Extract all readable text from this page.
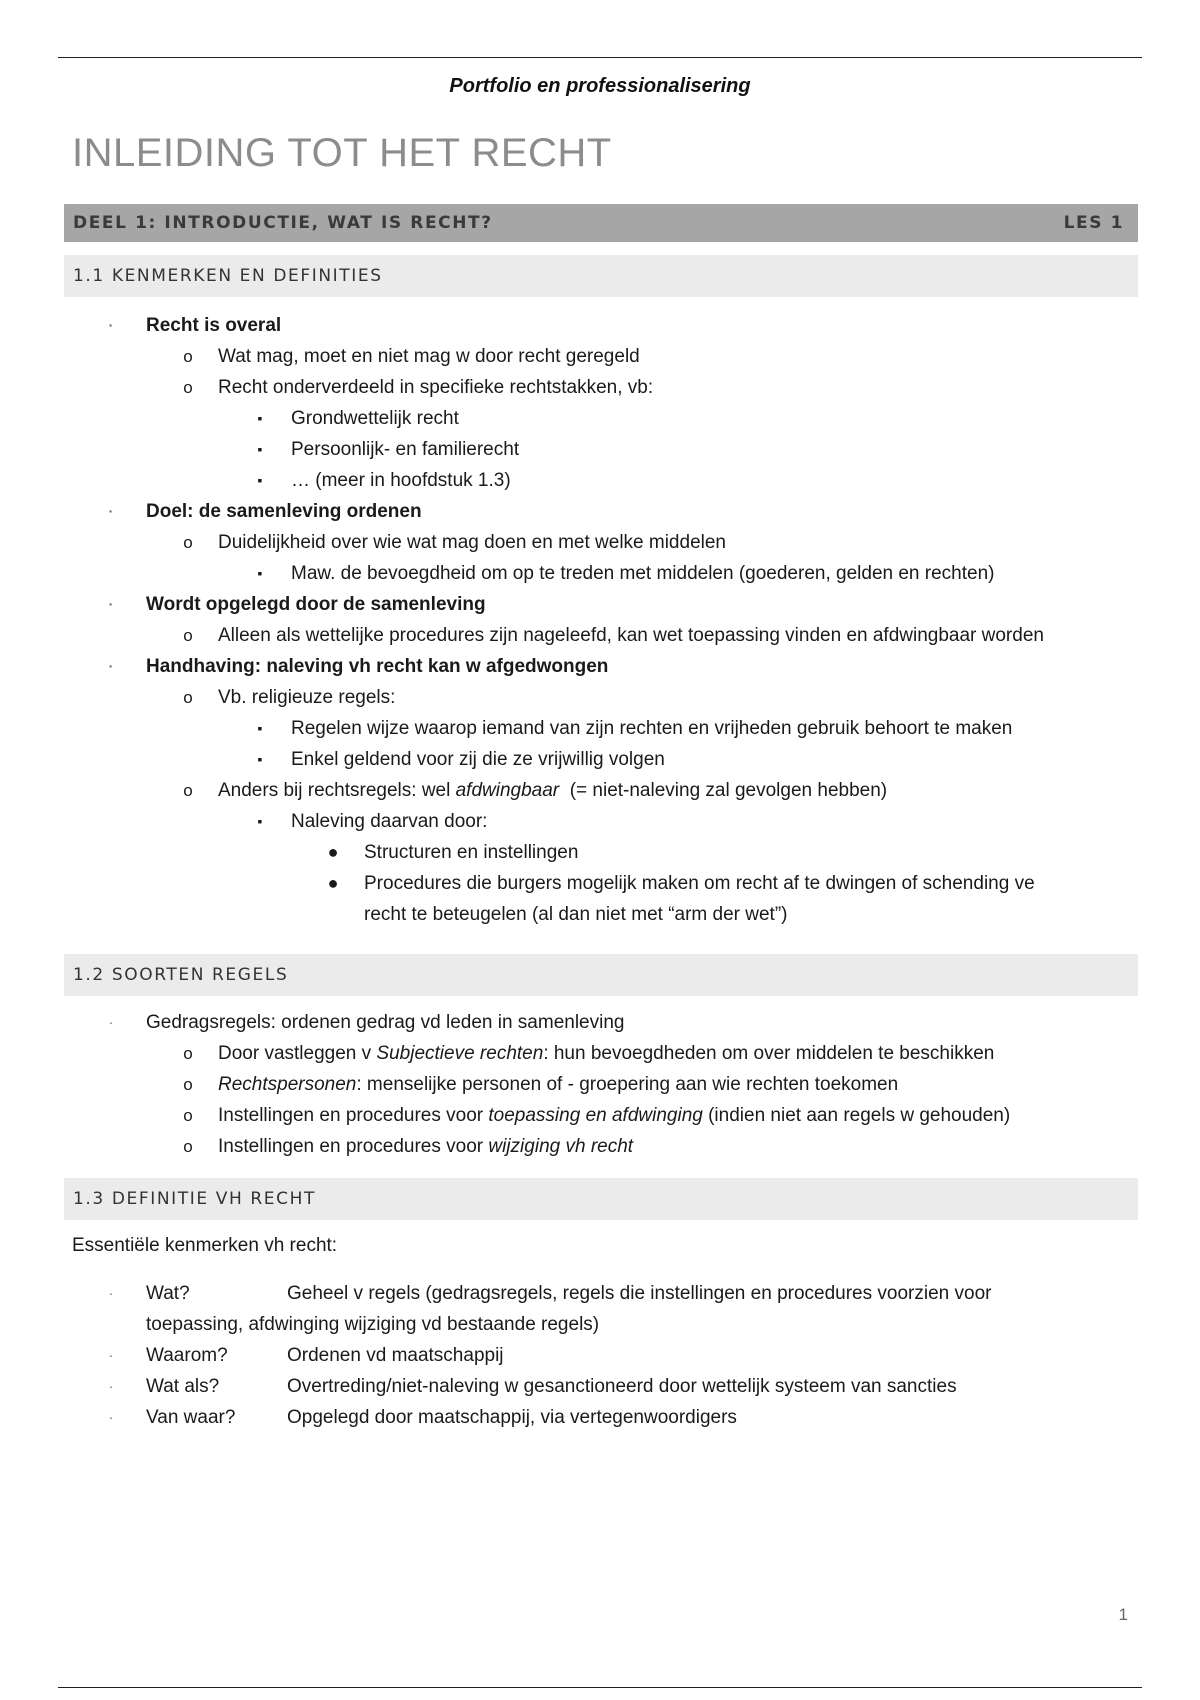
Portfolio en professionalisering
INLEIDING TOT HET RECHT
DEEL 1: INTRODUCTIE, WAT IS RECHT?	LES 1
1.1 KENMERKEN EN DEFINITIES
·	Recht is overal
o Wat mag, moet en niet mag w door recht geregeld
o Recht onderverdeeld in specifieke rechtstakken, vb:
▪	Grondwettelijk recht
▪	Persoonlijk- en familierecht
▪	… (meer in hoofdstuk 1.3)
·	Doel: de samenleving ordenen
o Duidelijkheid over wie wat mag doen en met welke middelen
▪	Maw. de bevoegdheid om op te treden met middelen (goederen, gelden en rechten)
·	Wordt opgelegd door de samenleving
o Alleen als wettelijke procedures zijn nageleefd, kan wet toepassing vinden en afdwingbaar worden
·	Handhaving: naleving vh recht kan w afgedwongen
o Vb. religieuze regels:
▪	Regelen wijze waarop iemand van zijn rechten en vrijheden gebruik behoort te maken
▪	Enkel geldend voor zij die ze vrijwillig volgen
o Anders bij rechtsregels: wel afdwingbaar  (= niet-naleving zal gevolgen hebben)
▪	Naleving daarvan door:
● Structuren en instellingen
● Procedures die burgers mogelijk maken om recht af te dwingen of schending ve
recht te beteugelen (al dan niet met “arm der wet”)
1.2 SOORTEN REGELS
·	Gedragsregels: ordenen gedrag vd leden in samenleving
o Door vastleggen v Subjectieve rechten: hun bevoegdheden om over middelen te beschikken
o Rechtspersonen: menselijke personen of - groepering aan wie rechten toekomen
o Instellingen en procedures voor toepassing en afdwinging (indien niet aan regels w gehouden)
o Instellingen en procedures voor wijziging vh recht
1.3 DEFINITIE VH RECHT
Essentiële kenmerken vh recht:
·	Wat?	Geheel v regels (gedragsregels, regels die instellingen en procedures voorzien voor
toepassing, afdwinging wijziging vd bestaande regels)
·	Waarom?	Ordenen vd maatschappij
·	Wat als?	Overtreding/niet-naleving w gesanctioneerd door wettelijk systeem van sancties
·	Van waar?	Opgelegd door maatschappij, via vertegenwoordigers
1
